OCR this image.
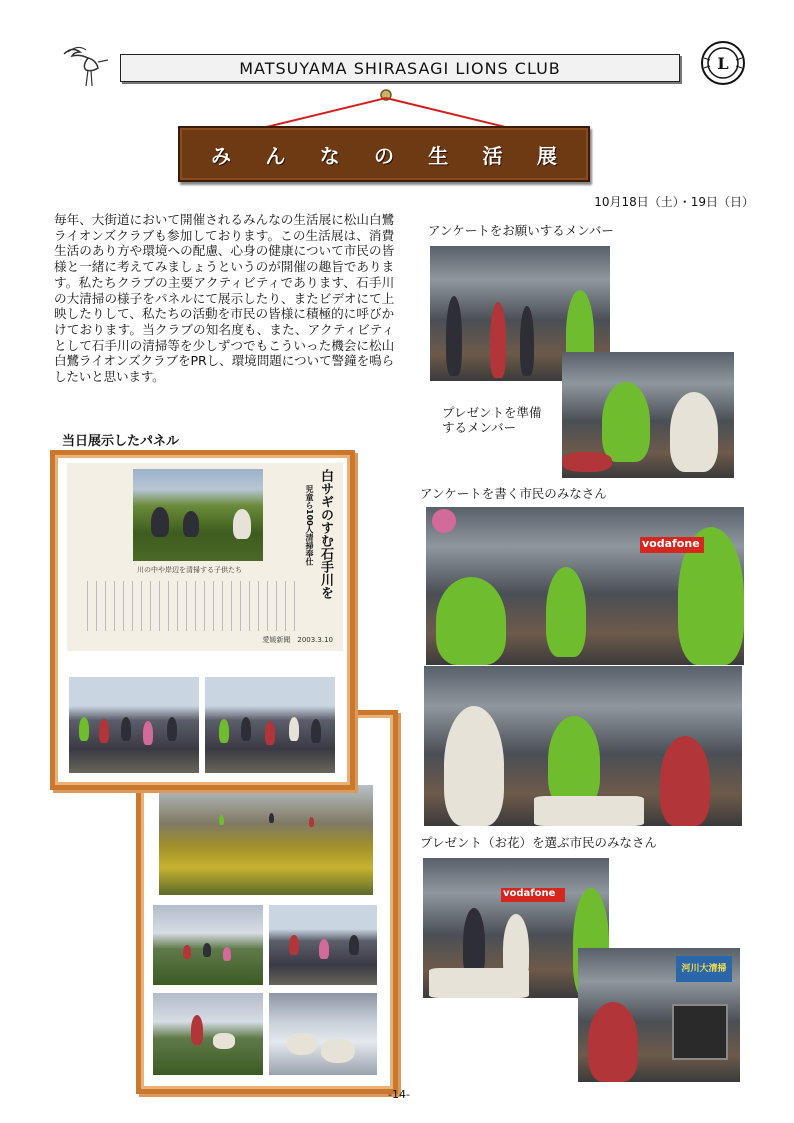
MATSUYAMA SHIRASAGI LIONS CLUB	L
み ん な の 生 活 展
10月18日（土）・19日（日）
毎年、大街道において開催されるみんなの生活展に松山白鷺ライオンズクラブも参加しております。この生活展は、消費生活のあり方や環境への配慮、心身の健康について市民の皆様と一緒に考えてみましょうというのが開催の趣旨であります。私たちクラブの主要アクティビティであります、石手川の大清掃の様子をパネルにて展示したり、またビデオにて上映したりして、私たちの活動を市民の皆様に積極的に呼びかけております。当クラブの知名度も、また、アクティビティとして石手川の清掃等を少しずつでもこういった機会に松山白鷺ライオンズクラブをPRし、環境問題について警鐘を鳴らしたいと思います。
当日展示したパネル
川の中や岸辺を清掃する子供たち	白サギのすむ石手川を
児童ら100人清掃奉仕
愛媛新聞　2003.3.10
アンケートをお願いするメンバー
プレゼントを準備
するメンバー
アンケートを書く市民のみなさん
vodafone
プレゼント（お花）を選ぶ市民のみなさん
vodafone
河川大清掃
-14-
